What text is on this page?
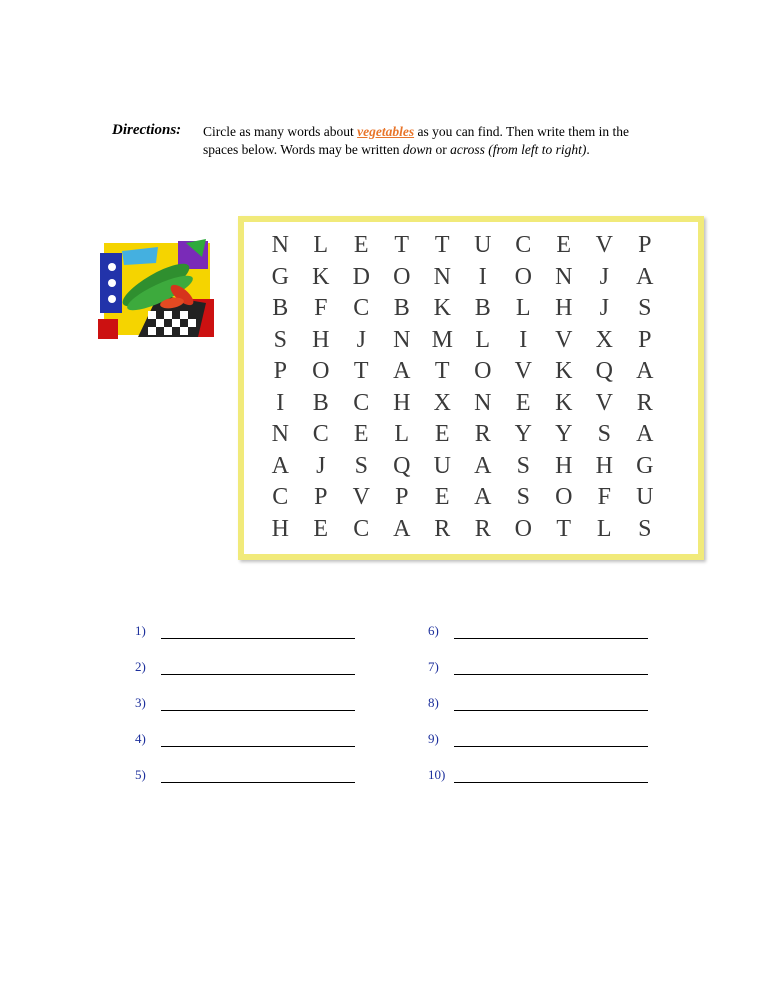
Directions: Circle as many words about vegetables as you can find. Then write them in the spaces below. Words may be written down or across (from left to right).
N	L	E	T	T	U C	E	V	P
G K D O N	I	O N	J	A
B	F	C	B K B	L	H	J	S
S	H	J	N M L	I	V X	P
P	O	T	A	T	O V K Q A
I	B	C H X N	E	K V R
N C	E	L	E	R Y Y	S	A
A	J	S	Q U A	S	H H G
C	P	V	P	E	A	S	O	F	U
H	E	C A R	R O	T	L	S
1)
2)
3)
4)
5)
6)
7)
8)
9)
10)
